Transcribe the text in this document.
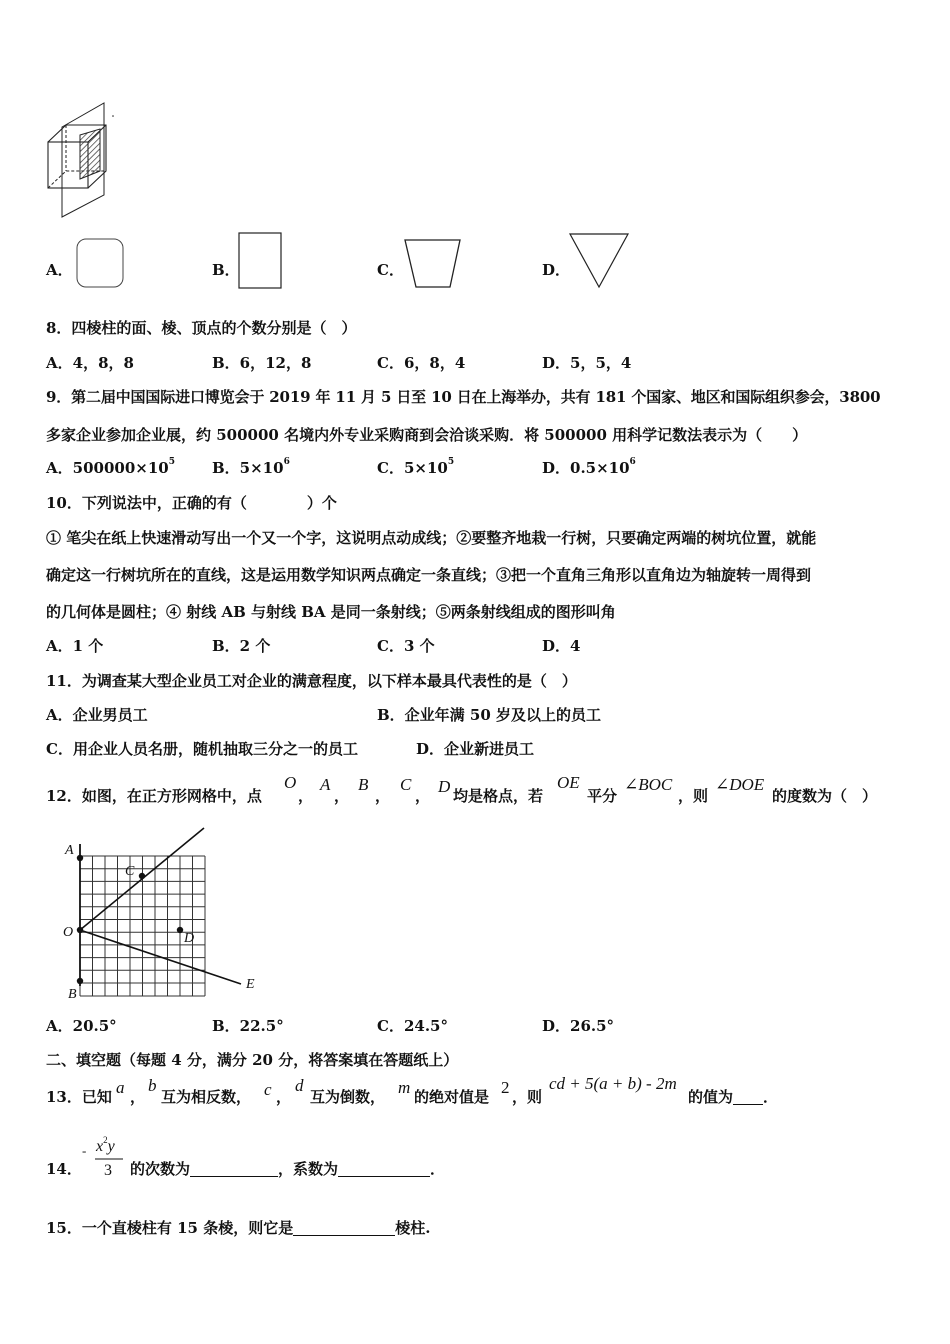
A．	B．	C．	D．
8．四棱柱的面、棱、顶点的个数分别是（　）
A．4，8，8	B．6，12，8	C．6，8，4	D．5，5，4
9．第二届中国国际进口博览会于 2019 年 11 月 5 日至 10 日在上海举办，共有 181 个国家、地区和国际组织参会，3800
多家企业参加企业展，约 500000 名境内外专业采购商到会洽谈采购．将 500000 用科学记数法表示为（　　）
A．$500000\times 10^5$ B．$5\times 10^6$	C．$5\times 10^5$	D．$0.5\times 10^6$
10．下列说法中，正确的有（　　　　）个
① 笔尖在纸上快速滑动写出一个又一个字，这说明点动成线；②要整齐地栽一行树，只要确定两端的树坑位置，就能
确定这一行树坑所在的直线，这是运用数学知识两点确定一条直线；③把一个直角三角形以直角边为轴旋转一周得到
的几何体是圆柱；④ 射线 AB 与射线 BA 是同一条射线；⑤两条射线组成的图形叫角
A．1 个	B．2 个	C．3 个	D．4
11．为调查某大型企业员工对企业的满意程度，以下样本最具代表性的是（　）
A．企业男员工	B．企业年满 50 岁及以上的员工
C．用企业人员名册，随机抽取三分之一的员工	D．企业新进员工
12．如图，在正方形网格中，点
O
，
A
，
B
，
C
， D 均是格点，若
OE
平分
∠BOC
，则
∠DOE
的度数为（　）
A
C
O	D
B
E
A．20.5°	B．22.5°	C．24.5°	D．26.5°
二、填空题（每题 4 分，满分 20 分，将答案填在答题纸上）
13．已知 a ，
b
互为相反数， c ，
d
互为倒数， m 的绝对值是 2 ，则
cd + 5(a + b) - 2m
的值为 ．
14．
- $x^2y$
3 的次数为	，系数为	．
15．一个直棱柱有 15 条棱，则它是	棱柱.
